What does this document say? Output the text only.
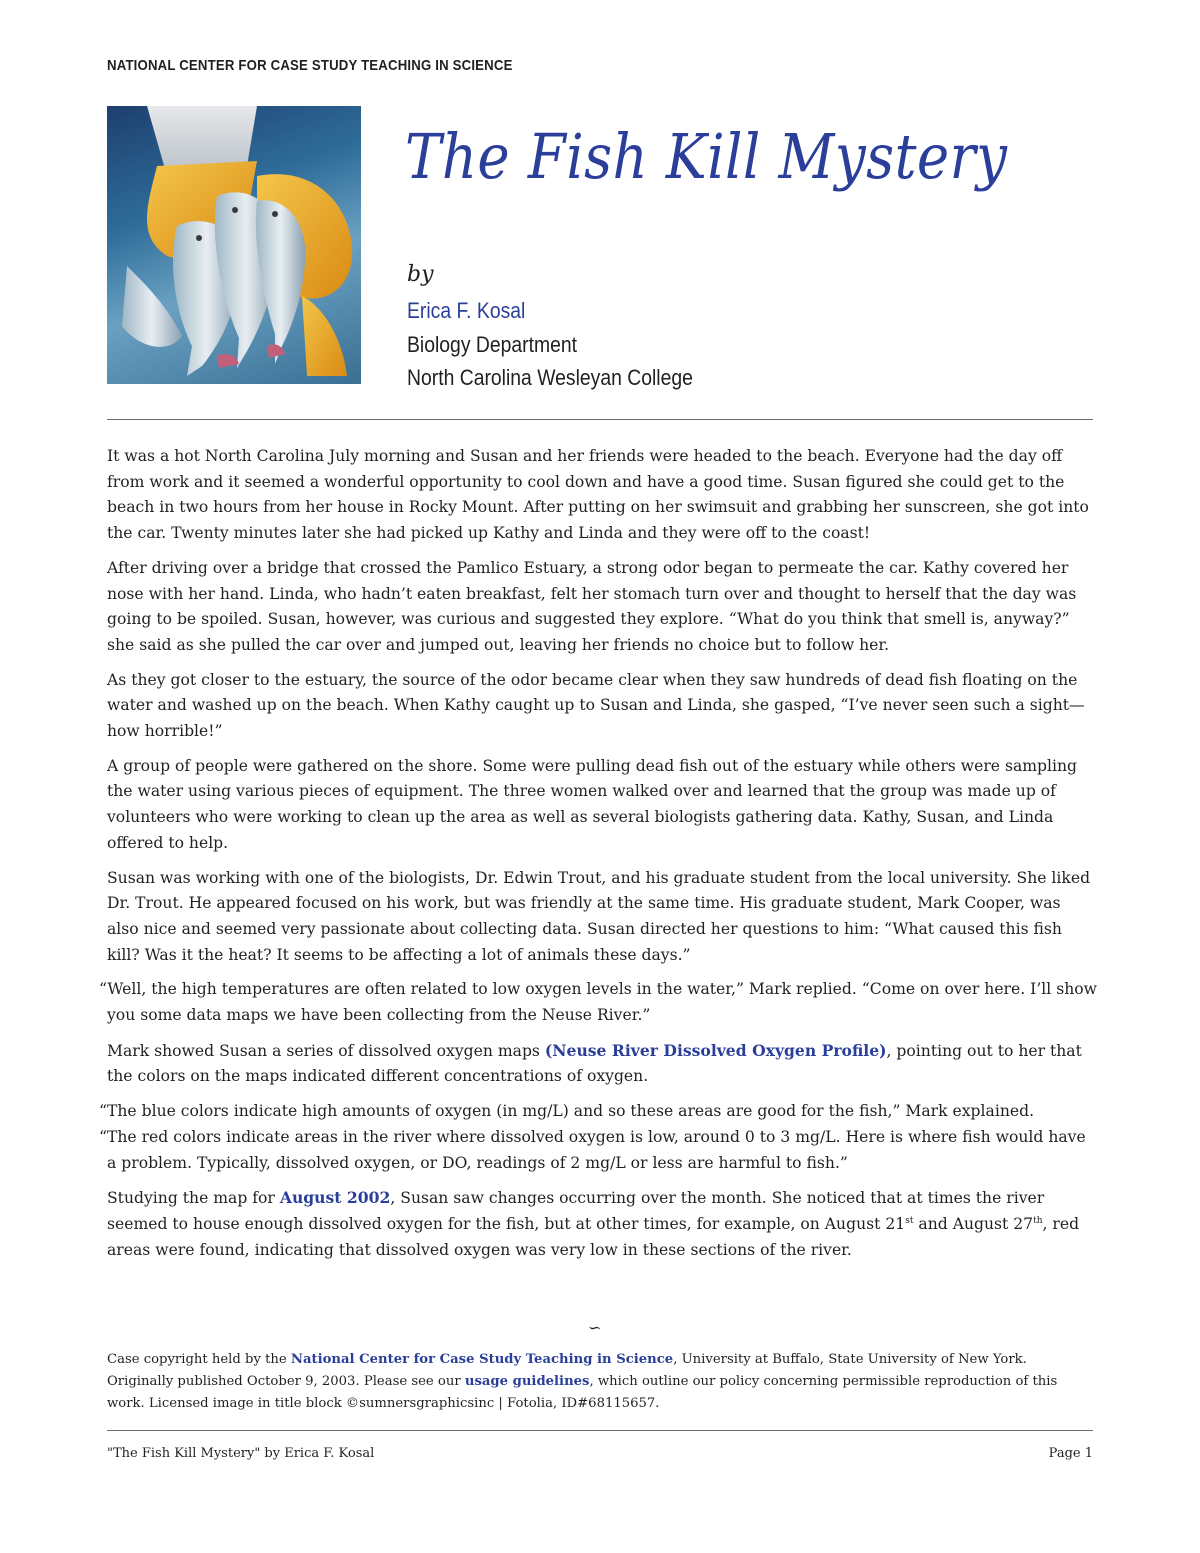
NATIONAL CENTER FOR CASE STUDY TEACHING IN SCIENCE
The Fish Kill Mystery
by
Erica F. Kosal
Biology Department
North Carolina Wesleyan College

It was a hot North Carolina July morning and Susan and her friends were headed to the beach. Everyone had the day off from work and it seemed a wonderful opportunity to cool down and have a good time. Susan figured she could get to the beach in two hours from her house in Rocky Mount. After putting on her swimsuit and grabbing her sunscreen, she got into the car. Twenty minutes later she had picked up Kathy and Linda and they were off to the coast!

After driving over a bridge that crossed the Pamlico Estuary, a strong odor began to permeate the car. Kathy covered her nose with her hand. Linda, who hadn’t eaten breakfast, felt her stomach turn over and thought to herself that the day was going to be spoiled. Susan, however, was curious and suggested they explore. “What do you think that smell is, anyway?” she said as she pulled the car over and jumped out, leaving her friends no choice but to follow her.

As they got closer to the estuary, the source of the odor became clear when they saw hundreds of dead fish floating on the water and washed up on the beach. When Kathy caught up to Susan and Linda, she gasped, “I’ve never seen such a sight—how horrible!”

A group of people were gathered on the shore. Some were pulling dead fish out of the estuary while others were sampling the water using various pieces of equipment. The three women walked over and learned that the group was made up of volunteers who were working to clean up the area as well as several biologists gathering data. Kathy, Susan, and Linda offered to help.

Susan was working with one of the biologists, Dr. Edwin Trout, and his graduate student from the local university. She liked Dr. Trout. He appeared focused on his work, but was friendly at the same time. His graduate student, Mark Cooper, was also nice and seemed very passionate about collecting data. Susan directed her questions to him: “What caused this fish kill? Was it the heat? It seems to be affecting a lot of animals these days.”

“Well, the high temperatures are often related to low oxygen levels in the water,” Mark replied. “Come on over here. I’ll show you some data maps we have been collecting from the Neuse River.”

Mark showed Susan a series of dissolved oxygen maps (Neuse River Dissolved Oxygen Profile), pointing out to her that the colors on the maps indicated different concentrations of oxygen.

“The blue colors indicate high amounts of oxygen (in mg/L) and so these areas are good for the fish,” Mark explained.

“The red colors indicate areas in the river where dissolved oxygen is low, around 0 to 3 mg/L. Here is where fish would have a problem. Typically, dissolved oxygen, or DO, readings of 2 mg/L or less are harmful to fish.”

Studying the map for August 2002, Susan saw changes occurring over the month. She noticed that at times the river seemed to house enough dissolved oxygen for the fish, but at other times, for example, on August 21st and August 27th, red areas were found, indicating that dissolved oxygen was very low in these sections of the river.

∽
Case copyright held by the National Center for Case Study Teaching in Science, University at Buffalo, State University of New York. Originally published October 9, 2003. Please see our usage guidelines, which outline our policy concerning permissible reproduction of this work. Licensed image in title block ©sumnersgraphicsinc | Fotolia, ID#68115657.
"The Fish Kill Mystery" by Erica F. Kosal	Page 1
